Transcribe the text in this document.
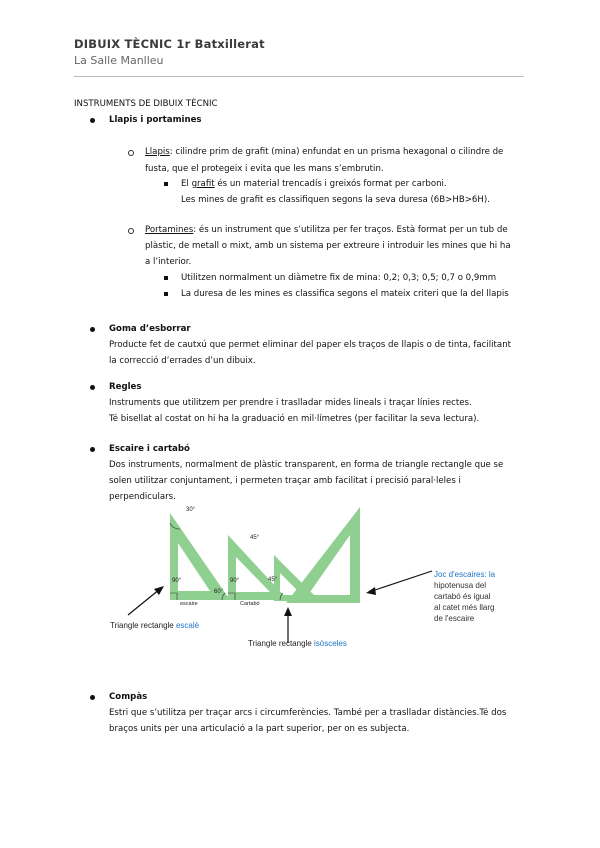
DIBUIX TÈCNIC 1r Batxillerat
La Salle Manlleu
INSTRUMENTS DE DIBUIX TÈCNIC
Llapis i portamines
Llapis: cilindre prim de grafit (mina) enfundat en un prisma hexagonal o cilindre de
fusta, que el protegeix i evita que les mans s’embrutin.
El grafit és un material trencadís i greixós format per carboni.
Les mines de grafit es classifiquen segons la seva duresa (6B>HB>6H).
Portamines: és un instrument que s’utilitza per fer traços. Està format per un tub de
plàstic, de metall o mixt, amb un sistema per extreure i introduir les mines que hi ha
a l’interior.
Utilitzen normalment un diàmetre fix de mina: 0,2; 0,3; 0,5; 0,7 o 0,9mm
La duresa de les mines es classifica segons el mateix criteri que la del llapis
Goma d’esborrar
Producte fet de cautxú que permet eliminar del paper els traços de llapis o de tinta, facilitant
la correcció d’errades d’un dibuix.
Regles
Instruments que utilitzem per prendre i traslladar mides lineals i traçar línies rectes.
Té bisellat al costat on hi ha la graduació en mil·límetres (per facilitar la seva lectura).
Escaire i cartabó
Dos instruments, normalment de plàstic transparent, en forma de triangle rectangle que se
solen utilitzar conjuntament, i permeten traçar amb facilitat i precisió paral·leles i
perpendiculars.
30°
60°
90°	90°
45°
45°
escaire	Cartabó
Triangle rectangle escalè
Triangle rectangle isòsceles
Joc d'escaires: la
hipotenusa del
cartabó és igual
al catet més llarg
de l'escaire
Compàs
Estri que s’utilitza per traçar arcs i circumferències. També per a traslladar distàncies.Té dos
braços units per una articulació a la part superior, per on es subjecta.
